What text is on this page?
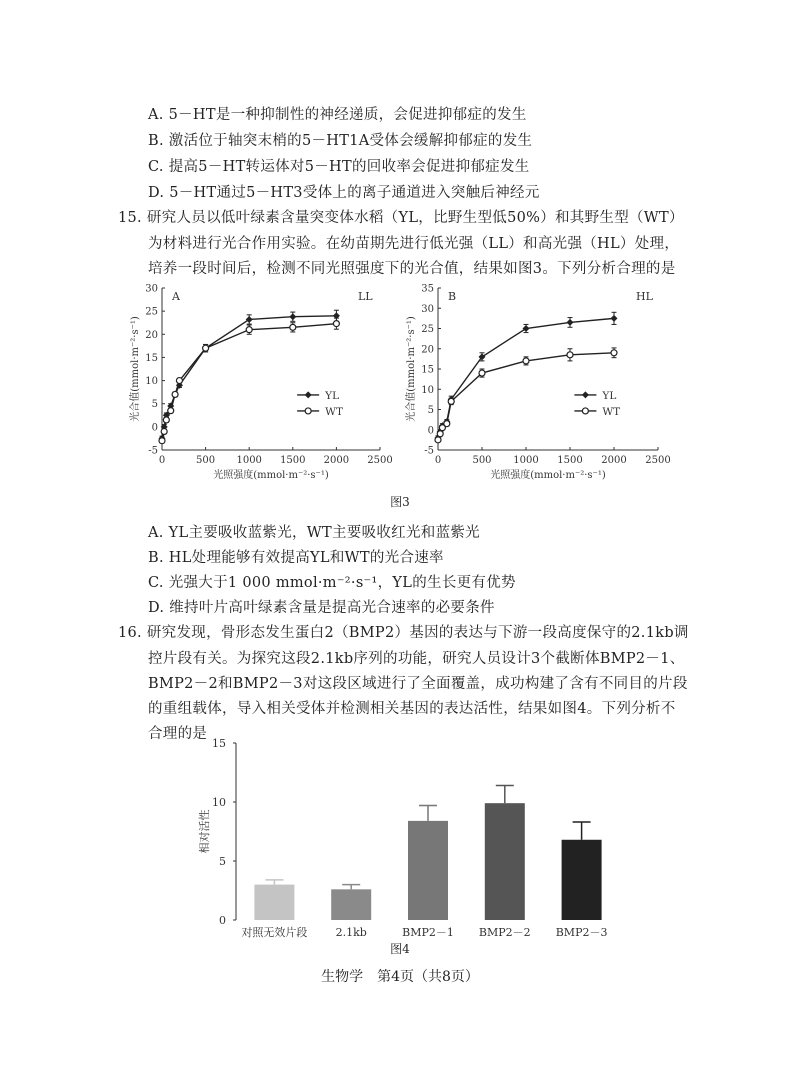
A. 5－HT是一种抑制性的神经递质，会促进抑郁症的发生
B. 激活位于轴突末梢的5－HT1A受体会缓解抑郁症的发生
C. 提高5－HT转运体对5－HT的回收率会促进抑郁症发生
D. 5－HT通过5－HT3受体上的离子通道进入突触后神经元
15. 研究人员以低叶绿素含量突变体水稻（YL，比野生型低50%）和其野生型（WT）
为材料进行光合作用实验。在幼苗期先进行低光强（LL）和高光强（HL）处理，
培养一段时间后，检测不同光照强度下的光合值，结果如图3。下列分析合理的是
0	500 1000 1500 2000 2500
-5
0
5
10
15
20
25
30
A	LL
光照强度(mmol·m⁻²·s⁻¹)
光合值(mmol·m⁻²·s⁻¹)	YL
WT
0	500 1000 1500 2000 2500
-5
0
5
10
15
20
25
30
35
B	HL
光照强度(mmol·m⁻²·s⁻¹)
光合值(mmol·m⁻²·s⁻¹)	YL
WT
图3
A. YL主要吸收蓝紫光，WT主要吸收红光和蓝紫光
B. HL处理能够有效提高YL和WT的光合速率
C. 光强大于1 000 mmol·m⁻²·s⁻¹，YL的生长更有优势
D. 维持叶片高叶绿素含量是提高光合速率的必要条件
16. 研究发现，骨形态发生蛋白2（BMP2）基因的表达与下游一段高度保守的2.1kb调
控片段有关。为探究这段2.1kb序列的功能，研究人员设计3个截断体BMP2－1、
BMP2－2和BMP2－3对这段区域进行了全面覆盖，成功构建了含有不同目的片段
的重组载体，导入相关受体并检测相关基因的表达活性，结果如图4。下列分析不
合理的是
0
5
10
15
相对活性
对照无效片段	2.1kb	BMP2－1 BMP2－2 BMP2－3
图4
生物学　第4页（共8页）
